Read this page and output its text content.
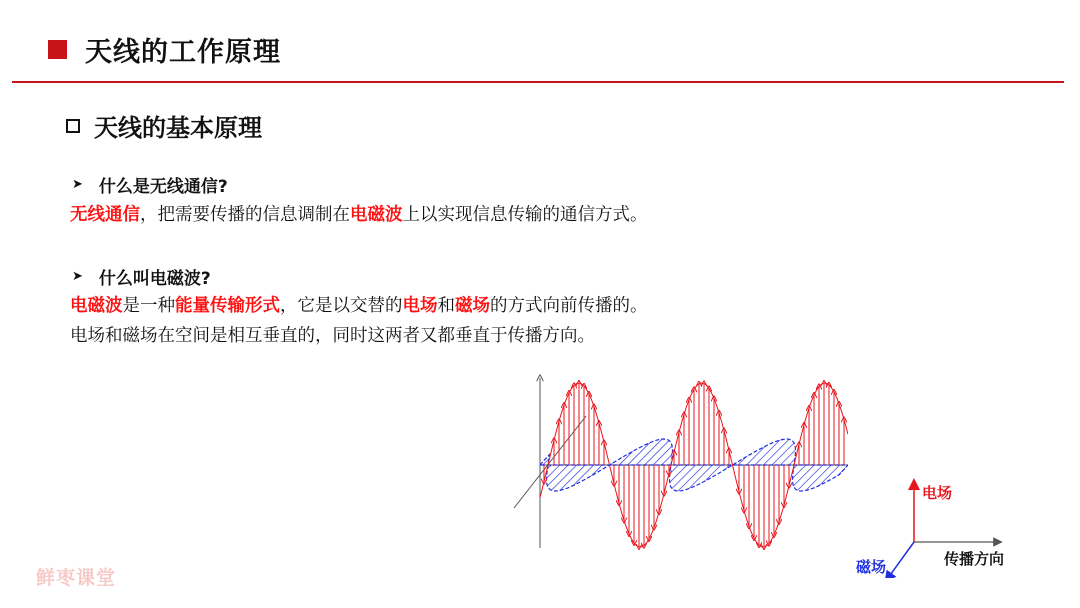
天线的工作原理
天线的基本原理
➤ 什么是无线通信?
无线通信，把需要传播的信息调制在电磁波上以实现信息传输的通信方式。
➤ 什么叫电磁波?
电磁波是一种能量传输形式，它是以交替的电场和磁场的方式向前传播的。
电场和磁场在空间是相互垂直的，同时这两者又都垂直于传播方向。
电场
传播方向
磁场
鲜枣课堂
